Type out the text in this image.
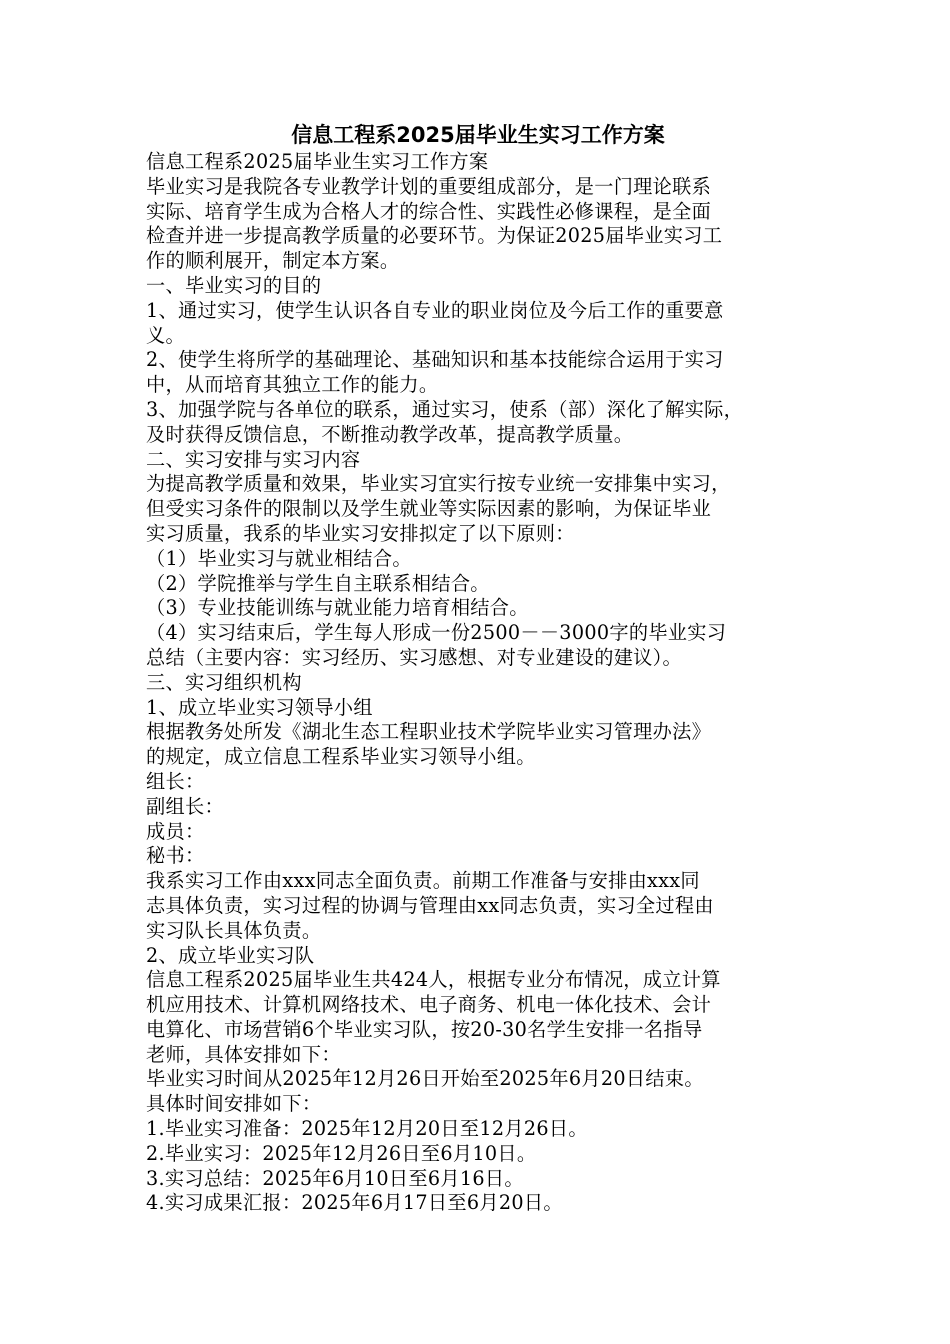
信息工程系2025届毕业生实习工作方案

信息工程系2025届毕业生实习工作方案

毕业实习是我院各专业教学计划的重要组成部分，是一门理论联系

实际、培育学生成为合格人才的综合性、实践性必修课程，是全面

检查并进一步提高教学质量的必要环节。为保证2025届毕业实习工

作的顺利展开，制定本方案。

一、毕业实习的目的

1、通过实习，使学生认识各自专业的职业岗位及今后工作的重要意

义。

2、使学生将所学的基础理论、基础知识和基本技能综合运用于实习

中，从而培育其独立工作的能力。

3、加强学院与各单位的联系，通过实习，使系（部）深化了解实际，

及时获得反馈信息，不断推动教学改革，提高教学质量。

二、实习安排与实习内容

为提高教学质量和效果，毕业实习宜实行按专业统一安排集中实习，

但受实习条件的限制以及学生就业等实际因素的影响，为保证毕业

实习质量，我系的毕业实习安排拟定了以下原则：

（1）毕业实习与就业相结合。

（2）学院推举与学生自主联系相结合。

（3）专业技能训练与就业能力培育相结合。

（4）实习结束后，学生每人形成一份2500－－3000字的毕业实习

总结（主要内容：实习经历、实习感想、对专业建设的建议）。

三、实习组织机构

1、成立毕业实习领导小组

根据教务处所发《湖北生态工程职业技术学院毕业实习管理办法》

的规定，成立信息工程系毕业实习领导小组。

组长：

副组长：

成员：

秘书：

我系实习工作由xxx同志全面负责。前期工作准备与安排由xxx同

志具体负责，实习过程的协调与管理由xx同志负责，实习全过程由

实习队长具体负责。

2、成立毕业实习队

信息工程系2025届毕业生共424人，根据专业分布情况，成立计算

机应用技术、计算机网络技术、电子商务、机电一体化技术、会计

电算化、市场营销6个毕业实习队，按20-30名学生安排一名指导

老师，具体安排如下：

毕业实习时间从2025年12月26日开始至2025年6月20日结束。

具体时间安排如下：

1.毕业实习准备：2025年12月20日至12月26日。

2.毕业实习：2025年12月26日至6月10日。

3.实习总结：2025年6月10日至6月16日。

4.实习成果汇报：2025年6月17日至6月20日。
